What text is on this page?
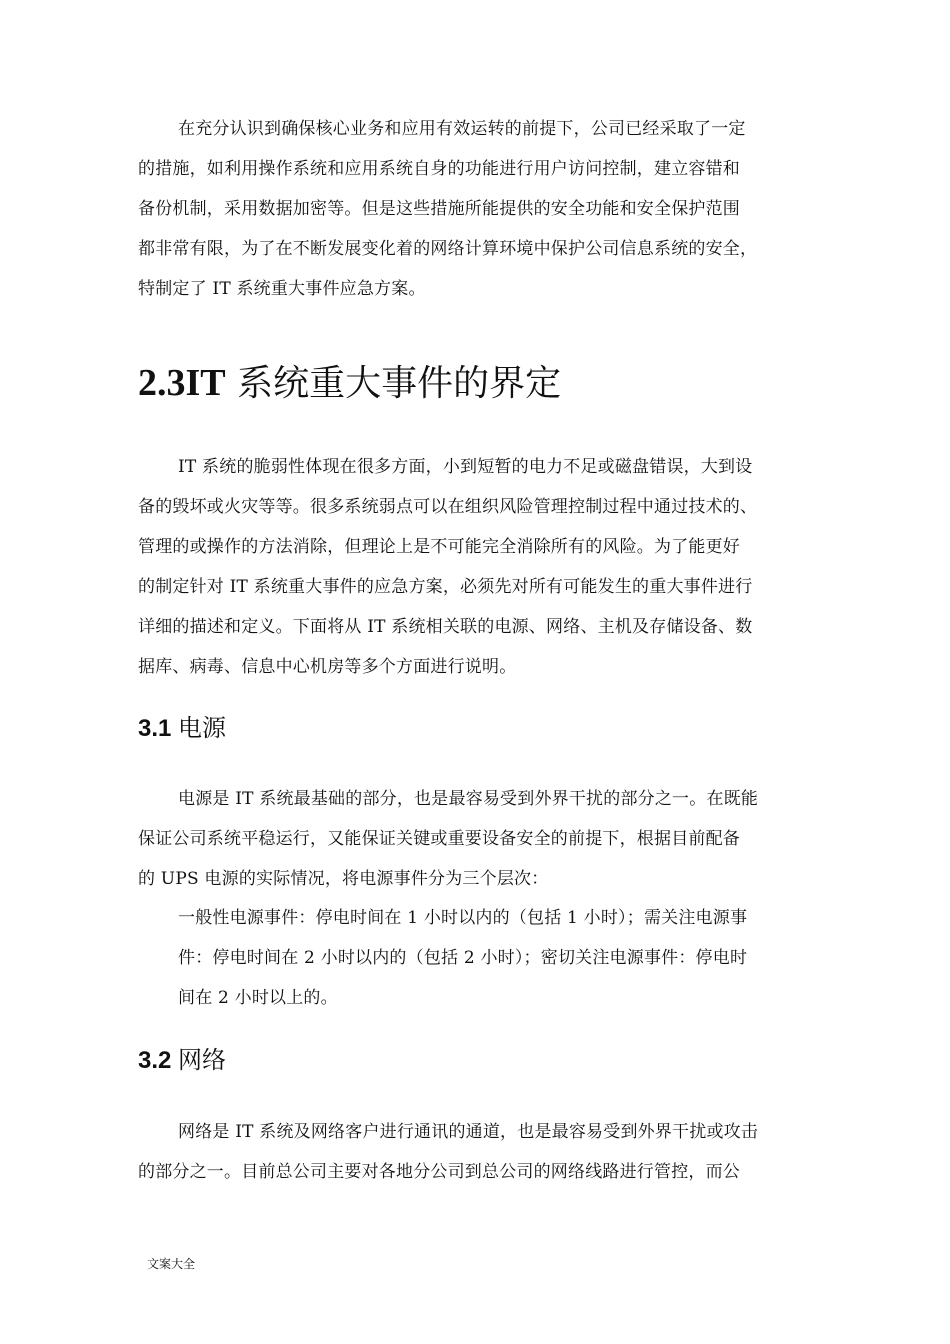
在充分认识到确保核心业务和应用有效运转的前提下，公司已经采取了一定
的措施，如利用操作系统和应用系统自身的功能进行用户访问控制，建立容错和
备份机制，采用数据加密等。但是这些措施所能提供的安全功能和安全保护范围
都非常有限，为了在不断发展变化着的网络计算环境中保护公司信息系统的安全，
特制定了 IT 系统重大事件应急方案。

2.3IT 系统重大事件的界定

IT 系统的脆弱性体现在很多方面，小到短暂的电力不足或磁盘错误，大到设
备的毁坏或火灾等等。很多系统弱点可以在组织风险管理控制过程中通过技术的、
管理的或操作的方法消除，但理论上是不可能完全消除所有的风险。为了能更好
的制定针对 IT 系统重大事件的应急方案，必须先对所有可能发生的重大事件进行
详细的描述和定义。下面将从 IT 系统相关联的电源、网络、主机及存储设备、数
据库、病毒、信息中心机房等多个方面进行说明。

3.1 电源

电源是 IT 系统最基础的部分，也是最容易受到外界干扰的部分之一。在既能
保证公司系统平稳运行，又能保证关键或重要设备安全的前提下，根据目前配备
的 UPS 电源的实际情况，将电源事件分为三个层次：

一般性电源事件：停电时间在 1 小时以内的（包括 1 小时）；需关注电源事
件：停电时间在 2 小时以内的（包括 2 小时）；密切关注电源事件：停电时
间在 2 小时以上的。

3.2 网络

网络是 IT 系统及网络客户进行通讯的通道，也是最容易受到外界干扰或攻击
的部分之一。目前总公司主要对各地分公司到总公司的网络线路进行管控，而公

文案大全
